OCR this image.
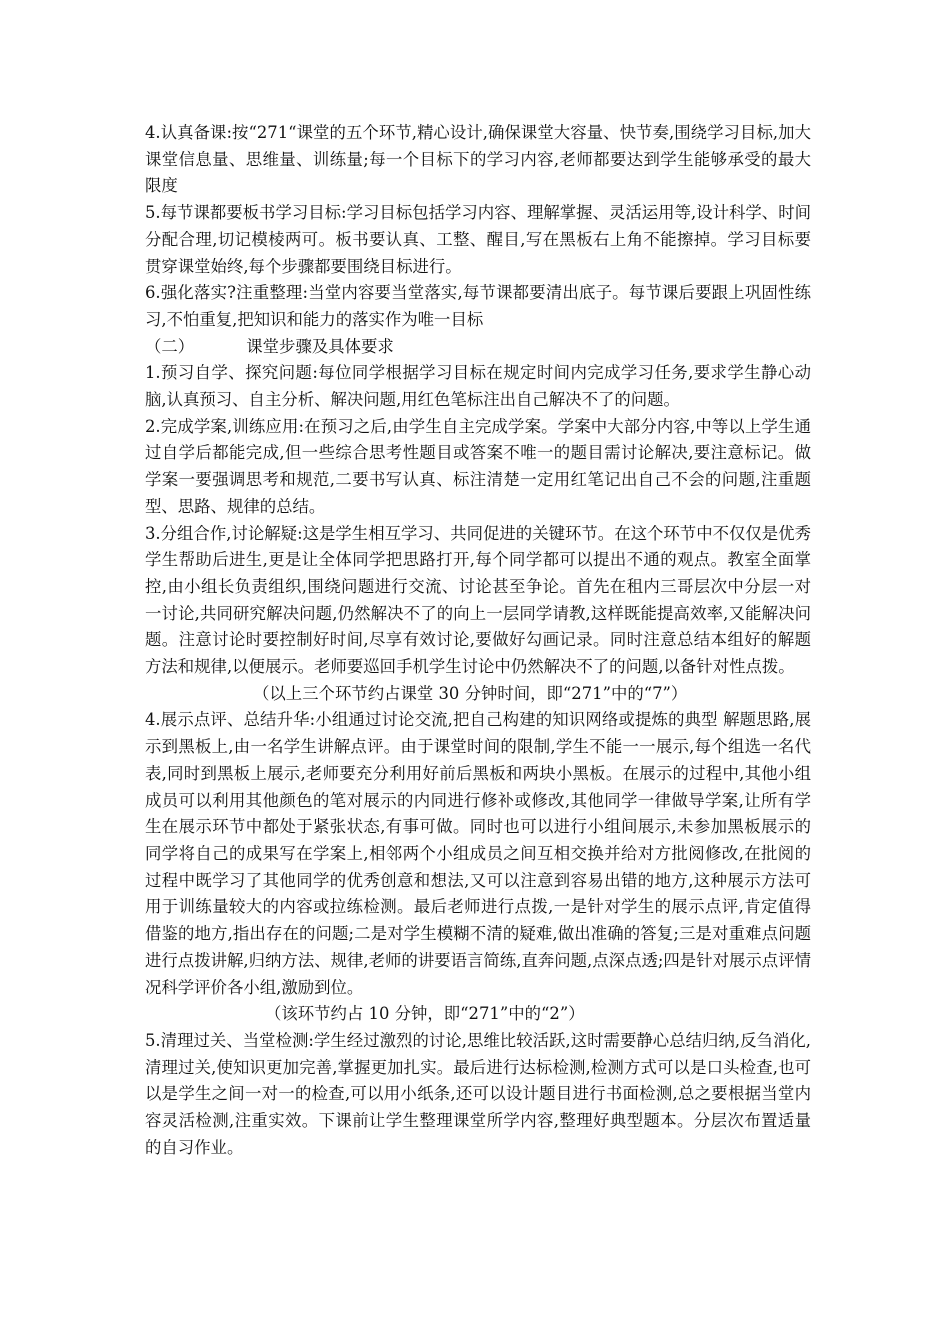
4.认真备课:按“271“课堂的五个环节,精心设计,确保课堂大容量、快节奏,围绕学习目标,加大课堂信息量、思维量、训练量;每一个目标下的学习内容,老师都要达到学生能够承受的最大限度

5.每节课都要板书学习目标:学习目标包括学习内容、理解掌握、灵活运用等,设计科学、时间分配合理,切记模棱两可。板书要认真、工整、醒目,写在黑板右上角不能擦掉。学习目标要贯穿课堂始终,每个步骤都要围绕目标进行。

6.强化落实?注重整理:当堂内容要当堂落实,每节课都要清出底子。每节课后要跟上巩固性练习,不怕重复,把知识和能力的落实作为唯一目标

（二）          课堂步骤及具体要求

1.预习自学、探究问题:每位同学根据学习目标在规定时间内完成学习任务,要求学生静心动脑,认真预习、自主分析、解决问题,用红色笔标注出自己解决不了的问题。

2.完成学案,训练应用:在预习之后,由学生自主完成学案。学案中大部分内容,中等以上学生通过自学后都能完成,但一些综合思考性题目或答案不唯一的题目需讨论解决,要注意标记。做学案一要强调思考和规范,二要书写认真、标注清楚一定用红笔记出自己不会的问题,注重题型、思路、规律的总结。

3.分组合作,讨论解疑:这是学生相互学习、共同促进的关键环节。在这个环节中不仅仅是优秀学生帮助后进生,更是让全体同学把思路打开,每个同学都可以提出不通的观点。教室全面掌控,由小组长负责组织,围绕问题进行交流、讨论甚至争论。首先在租内三哥层次中分层一对一讨论,共同研究解决问题,仍然解决不了的向上一层同学请教,这样既能提高效率,又能解决问题。注意讨论时要控制好时间,尽享有效讨论,要做好勾画记录。同时注意总结本组好的解题方法和规律,以便展示。老师要巡回手机学生讨论中仍然解决不了的问题,以备针对性点拨。

（以上三个环节约占课堂 30 分钟时间，即“271”中的“7”）

4.展示点评、总结升华:小组通过讨论交流,把自己构建的知识网络或提炼的典型 解题思路,展示到黑板上,由一名学生讲解点评。由于课堂时间的限制,学生不能一一展示,每个组选一名代表,同时到黑板上展示,老师要充分利用好前后黑板和两块小黑板。在展示的过程中,其他小组成员可以利用其他颜色的笔对展示的内同进行修补或修改,其他同学一律做导学案,让所有学生在展示环节中都处于紧张状态,有事可做。同时也可以进行小组间展示,未参加黑板展示的同学将自己的成果写在学案上,相邻两个小组成员之间互相交换并给对方批阅修改,在批阅的过程中既学习了其他同学的优秀创意和想法,又可以注意到容易出错的地方,这种展示方法可用于训练量较大的内容或拉练检测。最后老师进行点拨,一是针对学生的展示点评,肯定值得借鉴的地方,指出存在的问题;二是对学生模糊不清的疑难,做出准确的答复;三是对重难点问题进行点拨讲解,归纳方法、规律,老师的讲要语言简练,直奔问题,点深点透;四是针对展示点评情况科学评价各小组,激励到位。

（该环节约占 10 分钟，即“271”中的“2”）

5.清理过关、当堂检测:学生经过激烈的讨论,思维比较活跃,这时需要静心总结归纳,反刍消化,清理过关,使知识更加完善,掌握更加扎实。最后进行达标检测,检测方式可以是口头检查,也可以是学生之间一对一的检查,可以用小纸条,还可以设计题目进行书面检测,总之要根据当堂内容灵活检测,注重实效。下课前让学生整理课堂所学内容,整理好典型题本。分层次布置适量的自习作业。
